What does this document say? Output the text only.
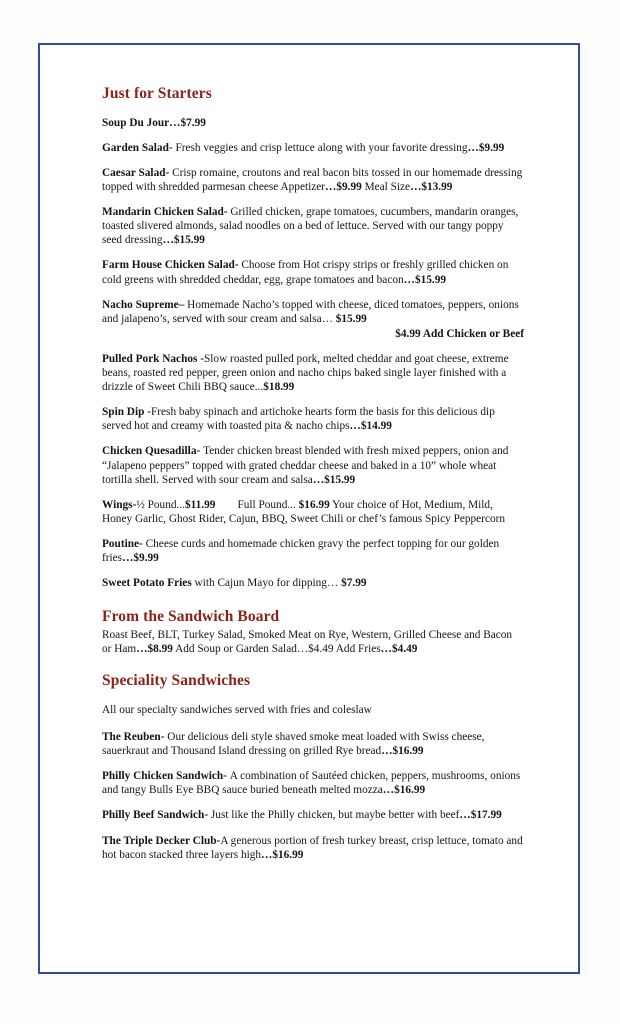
Just for Starters

Soup Du Jour…$7.99

Garden Salad- Fresh veggies and crisp lettuce along with your favorite dressing…$9.99

Caesar Salad- Crisp romaine, croutons and real bacon bits tossed in our homemade dressing topped with shredded parmesan cheese Appetizer…$9.99 Meal Size…$13.99

Mandarin Chicken Salad- Grilled chicken, grape tomatoes, cucumbers, mandarin oranges, toasted slivered almonds, salad noodles on a bed of lettuce. Served with our tangy poppy seed dressing…$15.99

Farm House Chicken Salad- Choose from Hot crispy strips or freshly grilled chicken on cold greens with shredded cheddar, egg, grape tomatoes and bacon…$15.99

Nacho Supreme– Homemade Nacho’s topped with cheese, diced tomatoes, peppers, onions and jalapeno’s, served with sour cream and salsa… $15.99

$4.99 Add Chicken or Beef

Pulled Pork Nachos -Slow roasted pulled pork, melted cheddar and goat cheese, extreme beans, roasted red pepper, green onion and nacho chips baked single layer finished with a drizzle of Sweet Chili BBQ sauce...$18.99

Spin Dip -Fresh baby spinach and artichoke hearts form the basis for this delicious dip served hot and creamy with toasted pita & nacho chips…$14.99

Chicken Quesadilla- Tender chicken breast blended with fresh mixed peppers, onion and “Jalapeno peppers” topped with grated cheddar cheese and baked in a 10” whole wheat tortilla shell. Served with sour cream and salsa…$15.99

Wings-½ Pound...$11.99 Full Pound... $16.99 Your choice of Hot, Medium, Mild, Honey Garlic, Ghost Rider, Cajun, BBQ, Sweet Chili or chef’s famous Spicy Peppercorn

Poutine- Cheese curds and homemade chicken gravy the perfect topping for our golden fries…$9.99

Sweet Potato Fries with Cajun Mayo for dipping… $7.99

From the Sandwich Board

Roast Beef, BLT, Turkey Salad, Smoked Meat on Rye, Western, Grilled Cheese and Bacon or Ham…$8.99 Add Soup or Garden Salad…$4.49 Add Fries…$4.49

Speciality Sandwiches

All our specialty sandwiches served with fries and coleslaw

The Reuben- Our delicious deli style shaved smoke meat loaded with Swiss cheese, sauerkraut and Thousand Island dressing on grilled Rye bread…$16.99

Philly Chicken Sandwich- A combination of Sautéed chicken, peppers, mushrooms, onions and tangy Bulls Eye BBQ sauce buried beneath melted mozza…$16.99

Philly Beef Sandwich- Just like the Philly chicken, but maybe better with beef…$17.99

The Triple Decker Club-A generous portion of fresh turkey breast, crisp lettuce, tomato and hot bacon stacked three layers high…$16.99
